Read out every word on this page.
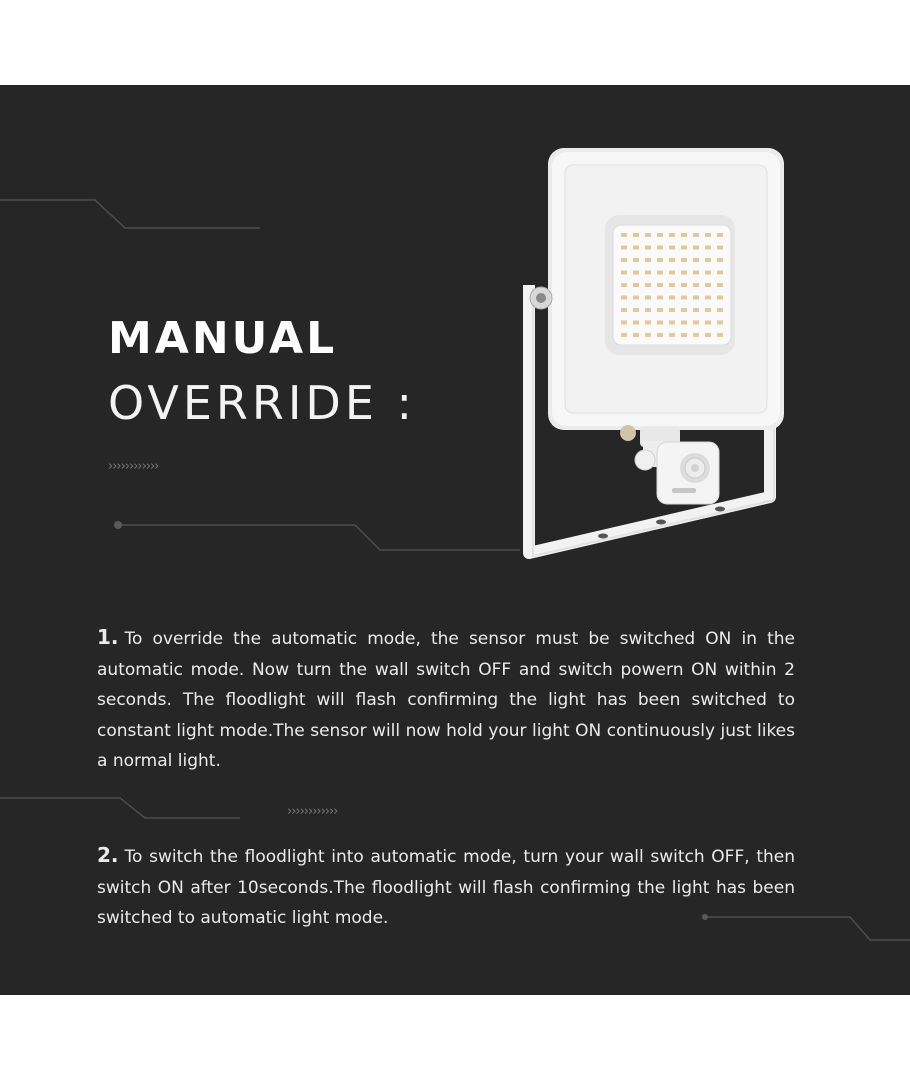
MANUAL
OVERRIDE :
››››››››››››

1. To override the automatic mode, the sensor must be switched ON in the automatic mode. Now turn the wall switch OFF and switch powern ON within 2 seconds. The floodlight will flash confirming the light has been switched to constant light mode.The sensor will now hold your light ON continuously just likes a normal light.

››››››››››››

2. To switch the floodlight into automatic mode, turn your wall switch OFF, then switch ON after 10seconds.The floodlight will flash confirming the light has been switched to automatic light mode.
